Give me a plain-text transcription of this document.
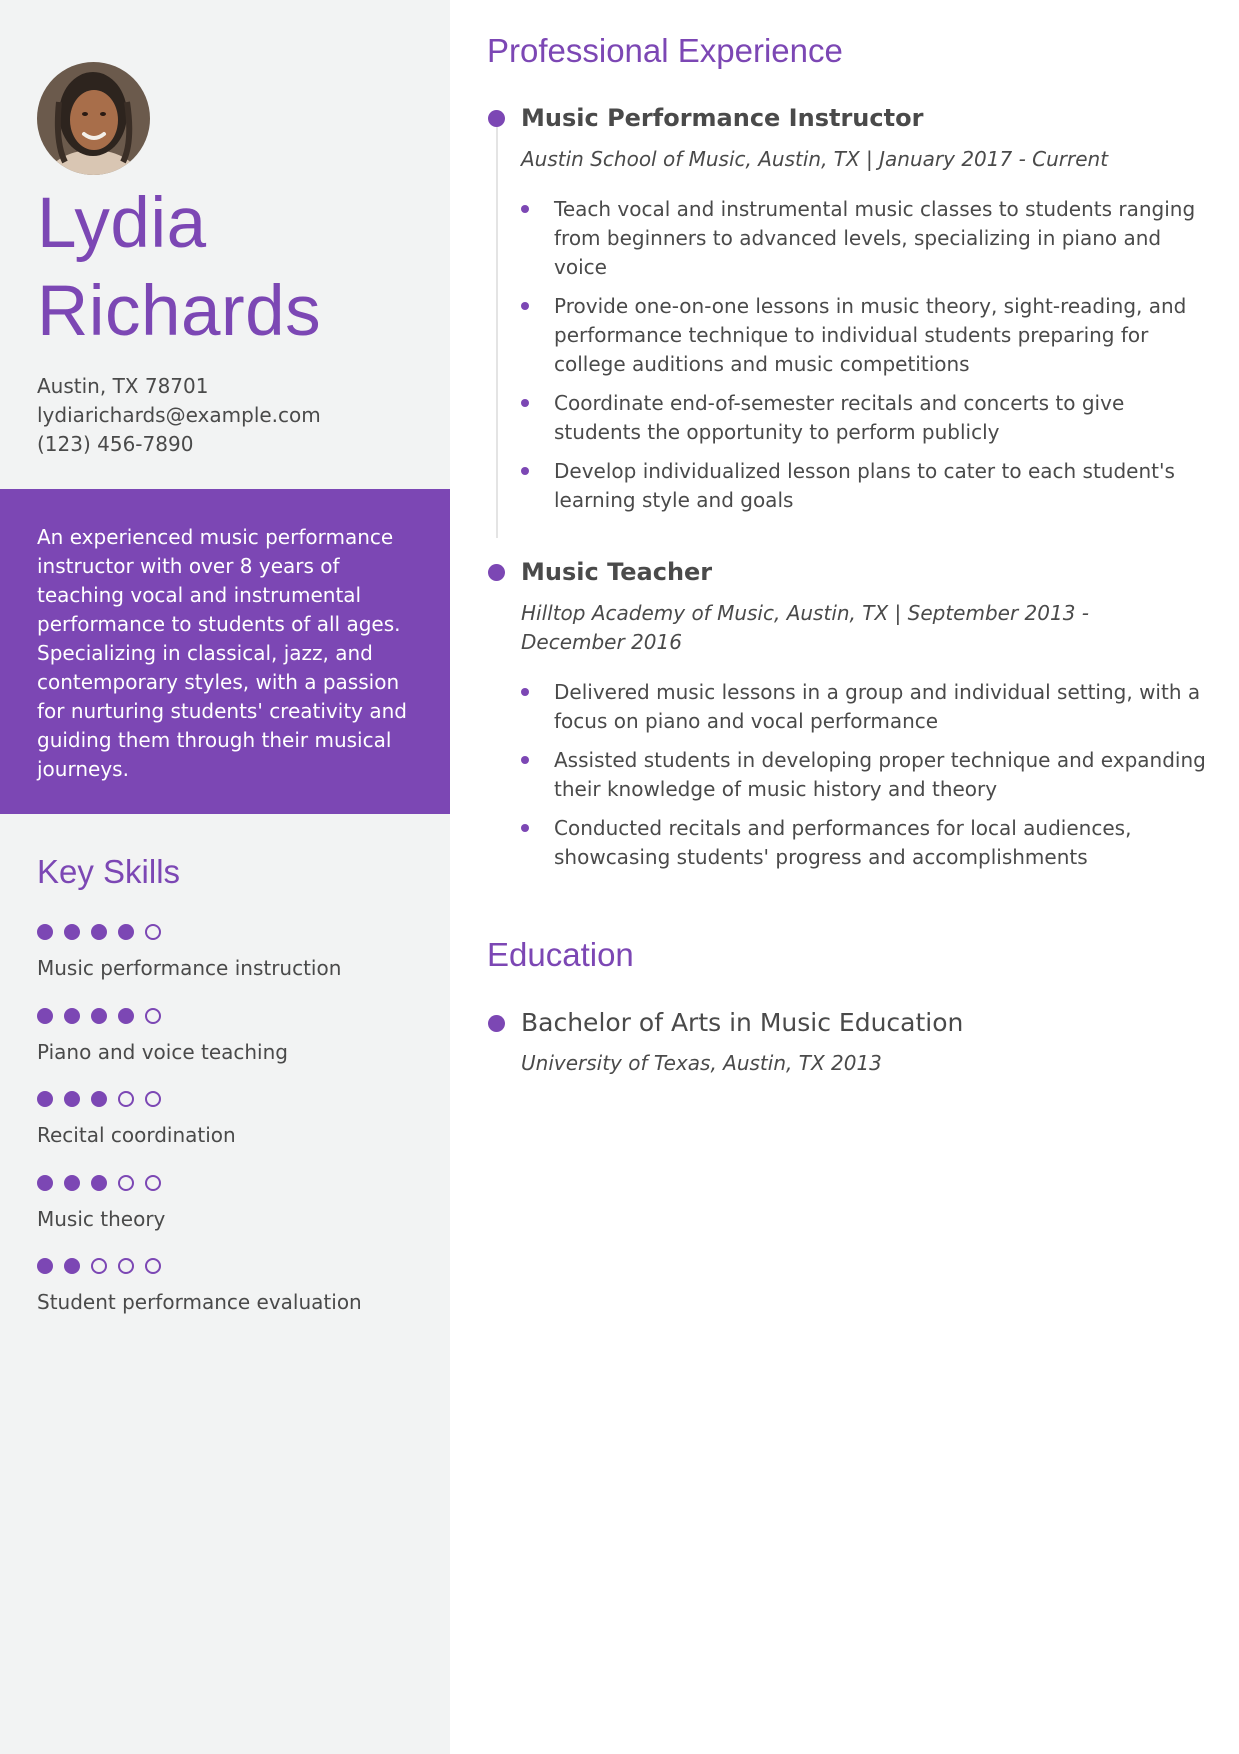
Lydia
Richards
Austin, TX 78701
lydiarichards@example.com
(123) 456-7890

An experienced music performance instructor with over 8 years of teaching vocal and instrumental performance to students of all ages. Specializing in classical, jazz, and contemporary styles, with a passion for nurturing students' creativity and guiding them through their musical journeys.

Key Skills
Music performance instruction
Piano and voice teaching
Recital coordination
Music theory
Student performance evaluation
Professional Experience
Music Performance Instructor
Austin School of Music, Austin, TX | January 2017 - Current
Teach vocal and instrumental music classes to students ranging from beginners to advanced levels, specializing in piano and voice
Provide one-on-one lessons in music theory, sight-reading, and performance technique to individual students preparing for college auditions and music competitions
Coordinate end-of-semester recitals and concerts to give students the opportunity to perform publicly
Develop individualized lesson plans to cater to each student's learning style and goals
Music Teacher
Hilltop Academy of Music, Austin, TX | September 2013 - December 2016
Delivered music lessons in a group and individual setting, with a focus on piano and vocal performance
Assisted students in developing proper technique and expanding their knowledge of music history and theory
Conducted recitals and performances for local audiences, showcasing students' progress and accomplishments
Education
Bachelor of Arts in Music Education
University of Texas, Austin, TX 2013
